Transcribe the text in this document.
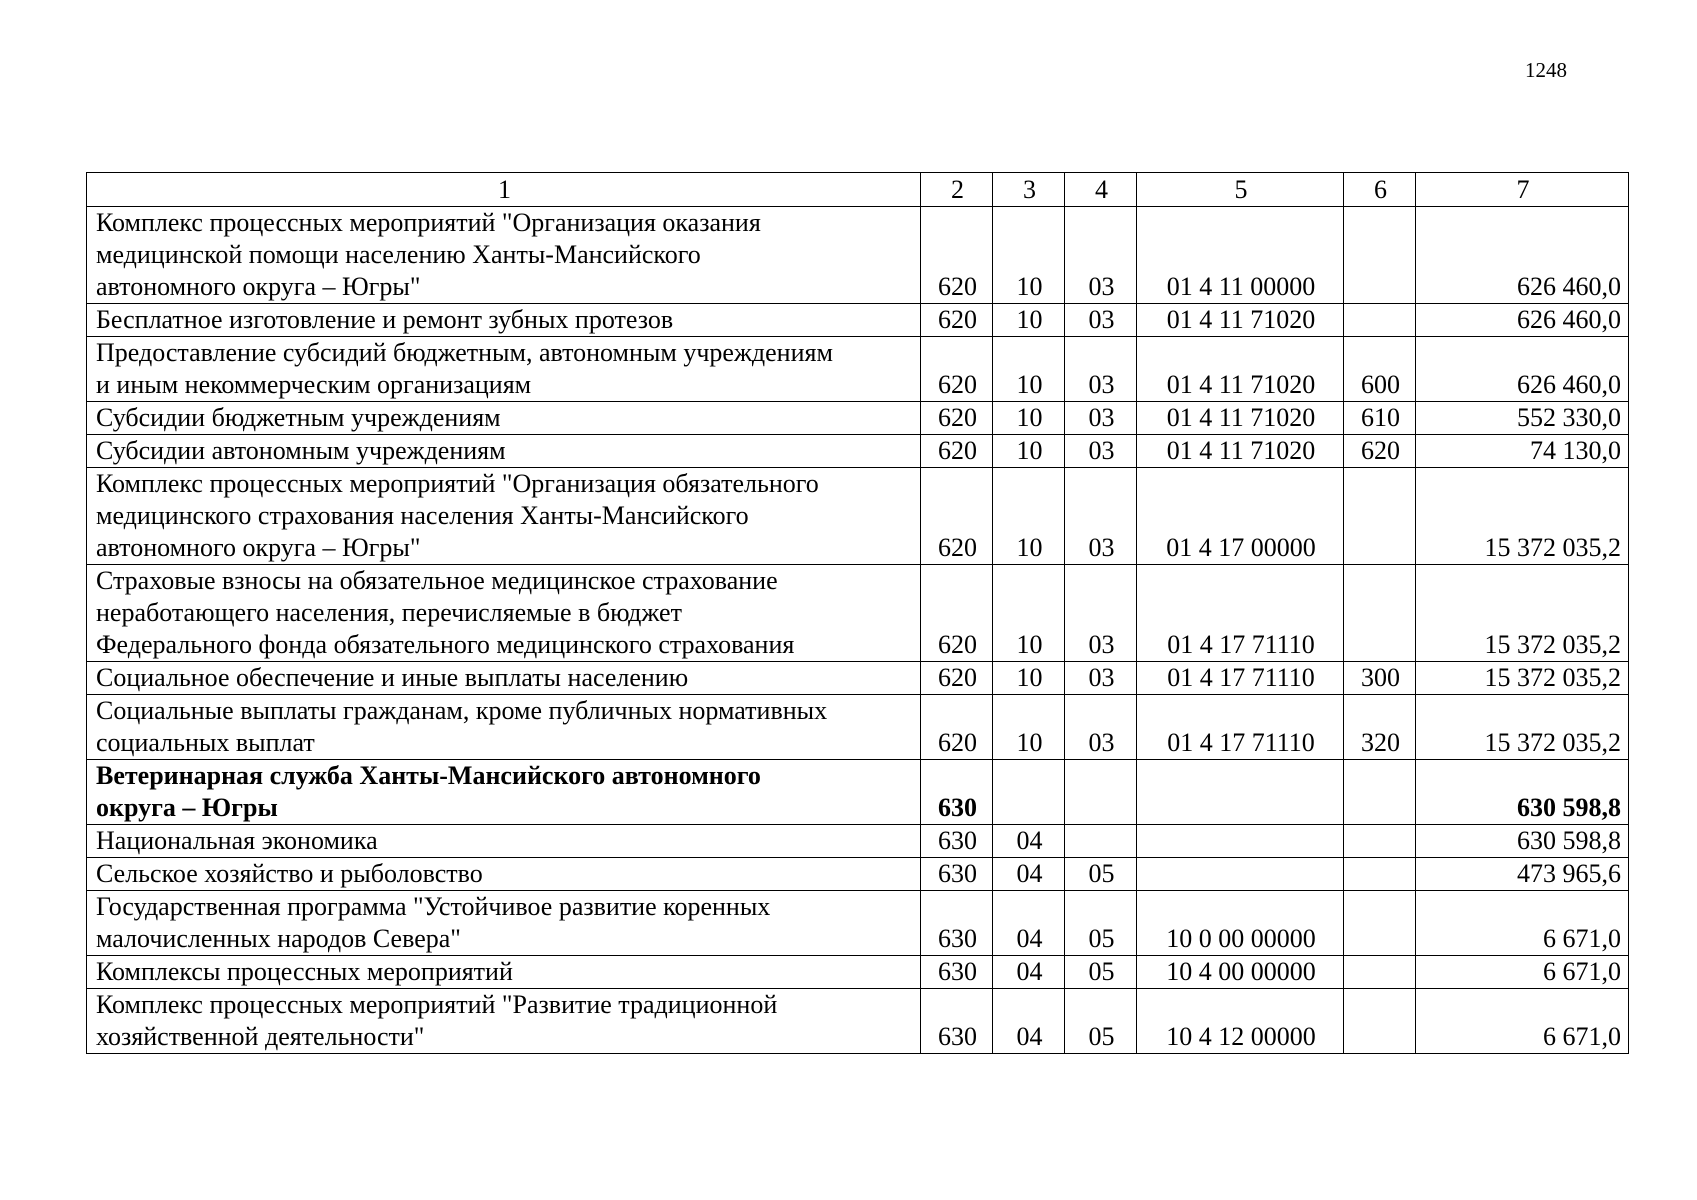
1248
1	2	3	4	5	6	7
Комплекс процессных мероприятий "Организация оказания
медицинской помощи населению Ханты-Мансийского
автономного округа – Югры"	620	10	03	01 4 11 00000		626 460,0
Бесплатное изготовление и ремонт зубных протезов	620	10	03	01 4 11 71020		626 460,0
Предоставление субсидий бюджетным, автономным учреждениям
и иным некоммерческим организациям	620	10	03	01 4 11 71020	600	626 460,0
Субсидии бюджетным учреждениям	620	10	03	01 4 11 71020	610	552 330,0
Субсидии автономным учреждениям	620	10	03	01 4 11 71020	620	74 130,0
Комплекс процессных мероприятий "Организация обязательного
медицинского страхования населения Ханты-Мансийского
автономного округа – Югры"	620	10	03	01 4 17 00000		15 372 035,2
Страховые взносы на обязательное медицинское страхование
неработающего населения, перечисляемые в бюджет
Федерального фонда обязательного медицинского страхования	620	10	03	01 4 17 71110		15 372 035,2
Социальное обеспечение и иные выплаты населению	620	10	03	01 4 17 71110	300	15 372 035,2
Социальные выплаты гражданам, кроме публичных нормативных
социальных выплат	620	10	03	01 4 17 71110	320	15 372 035,2
Ветеринарная служба Ханты-Мансийского автономного
округа – Югры	630					630 598,8
Национальная экономика	630	04				630 598,8
Сельское хозяйство и рыболовство	630	04	05			473 965,6
Государственная программа "Устойчивое развитие коренных
малочисленных народов Севера"	630	04	05	10 0 00 00000		6 671,0
Комплексы процессных мероприятий	630	04	05	10 4 00 00000		6 671,0
Комплекс процессных мероприятий "Развитие традиционной
хозяйственной деятельности"	630	04	05	10 4 12 00000		6 671,0
